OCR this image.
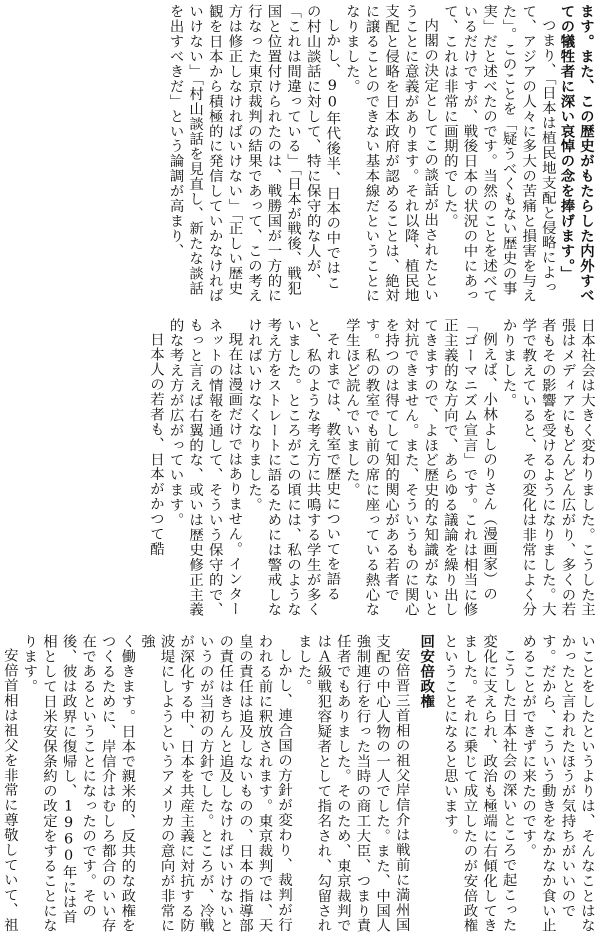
ます。また、この歴史がもたらした内外すべての犠牲者に深い哀悼の念を捧げます。」

つまり、「日本は植民地支配と侵略によって、アジアの人々に多大の苦痛と損害を与えた」。このことを「疑うべくもない歴史の事実」だと述べたのです。当然のことを述べているだけですが、戦後日本の状況の中にあって、これは非常に画期的でした。

内閣の決定としてこの談話が出されたということに意義があります。それ以降、植民地支配と侵略を日本政府が認めることは、絶対に譲ることのできない基本線だということになりました。

しかし、90年代後半、日本の中ではこの村山談話に対して、特に保守的な人が、「これは間違っている」「日本が戦後、戦犯国と位置付けられたのは、戦勝国が一方的に行なった東京裁判の結果であって、この考え方は修正しなければいけない」「正しい歴史観を日本から積極的に発信していかなければいけない」「村山談話を見直し、新たな談話を出すべきだ」という論調が高まり、

日本社会は大きく変わりました。こうした主張はメディアにもどんどん広がり、多くの若者もその影響を受けるようになりました。大学で教えていると、その変化は非常によく分かりました。

例えば、小林よしのりさん（漫画家）の「ゴーマニズム宣言」です。これは相当に修正主義的な方向で、あらゆる議論を繰り出してきますので、よほど歴史的な知識がないと対抗できません。また、そういうものに関心を持つのは得てして知的関心がある若者です。私の教室でも前の席に座っている熱心な学生ほど読んでいました。

それまでは、教室で歴史についてを語ると、私のような考え方に共鳴する学生が多くいました。ところがこの頃には、私のような考え方をストレートに語るためには警戒しなければいけなくなりました。

現在は漫画だけではありません。インターネットの情報を通して、そういう保守的で、もっと言えば右翼的な、或いは歴史修正主義的な考え方が広がっています。

日本人の若者も、日本がかつて酷

いことをしたというよりは、そんなことはなかったと言われたほうが気持ちがいいのです。だから、こういう動きをなかなか食い止めることができずに来たのです。

こうした日本社会の深いところで起こった変化に支えられ、政治も極端に右傾化してきました。それに乗じて成立したのが安倍政権ということになると思います。

回安倍政権

安倍晋三首相の祖父岸信介は戦前に満州国支配の中心人物の一人でした。また、中国人強制連行を行った当時の商工大臣、つまり責任者でもありました。そのため、東京裁判ではＡ級戦犯容疑者として指名され、勾留されました。

しかし、連合国の方針が変わり、裁判が行われる前に釈放されます。東京裁判では、天皇の責任は追及しないものの、日本の指導部の責任はきちんと追及しなければいけないというのが当初の方針でした。ところが、冷戦が深化する中、日本を共産主義に対抗する防波堤にしようというアメリカの意向が非常に強

く働きます。日本で親米的、反共的な政権をつくるために、岸信介はむしろ都合のいい存在であるということになったのです。その後、彼は政界に復帰し、1960年には首相として日米安保条約の改定をすることになります。

安倍首相は祖父を非常に尊敬していて、祖
